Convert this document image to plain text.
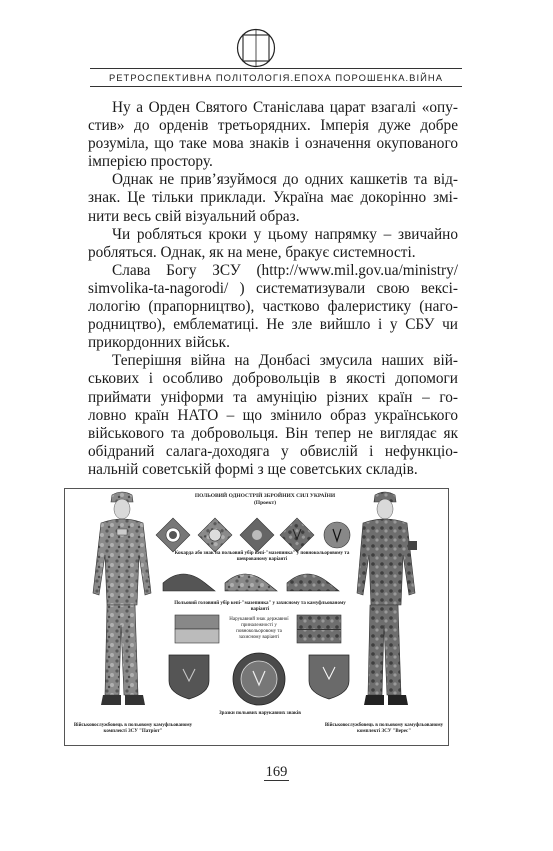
РЕТРОСПЕКТИВНА ПОЛІТОЛОГІЯ.ЕПОХА ПОРОШЕНКА.ВІЙНА
Ну а Орден Святого Станіслава царат взагалі «опу-
стив» до орденів третьорядних. Імперія дуже добре
розуміла, що таке мова знаків і означення окупованого
імперією простору.
Однак не прив’язуймося до одних кашкетів та від-
знак. Це тільки приклади. Україна має докорінно змі-
нити весь свій візуальний образ.
Чи робляться кроки у цьому напрямку – звичайно
робляться. Однак, як на мене, бракує системності.
Слава Богу ЗСУ (http://www.mil.gov.ua/ministry/
simvolika-ta-nagorodi/ ) систематизували свою вексі-
лологію (прапорництво), частково фалеристику (наго-
родництво), емблематиці. Не зле вийшло і у СБУ чи
прикордонних військ.
Теперішня війна на Донбасі змусила наших вій-
ськових і особливо добровольців в якості допомоги
приймати уніформи та амуніцію різних країн – го-
ловно країн НАТО – що змінило образ українського
військового та добровольця. Він тепер не виглядає як
обідраний салага-доходяга у обвислій і нефункціо-
нальній советській формі з ще советських складів.
ПОЛЬОВИЙ ОДНОСТРІЙ ЗБРОЙНИХ СИЛ УКРАЇНИ
(Проект)
Кокарда або знак на польовий убір кепі-"мазепинка" у повнокольоровому та шеврованому варіанті
Польовий головний убір кепі-"мазепинка" у захисному та камуфльованому варіанті
Нарукавний знак державної приналежності у повнокольоровому та захисному варіанті
Зразки польових нарукавних знаків
Військовослужбовець в польовому камуфльованому комплекті ЗСУ "Патріот"
Військовослужбовець в польовому камуфльованому комплекті ЗСУ "Верес"
169
